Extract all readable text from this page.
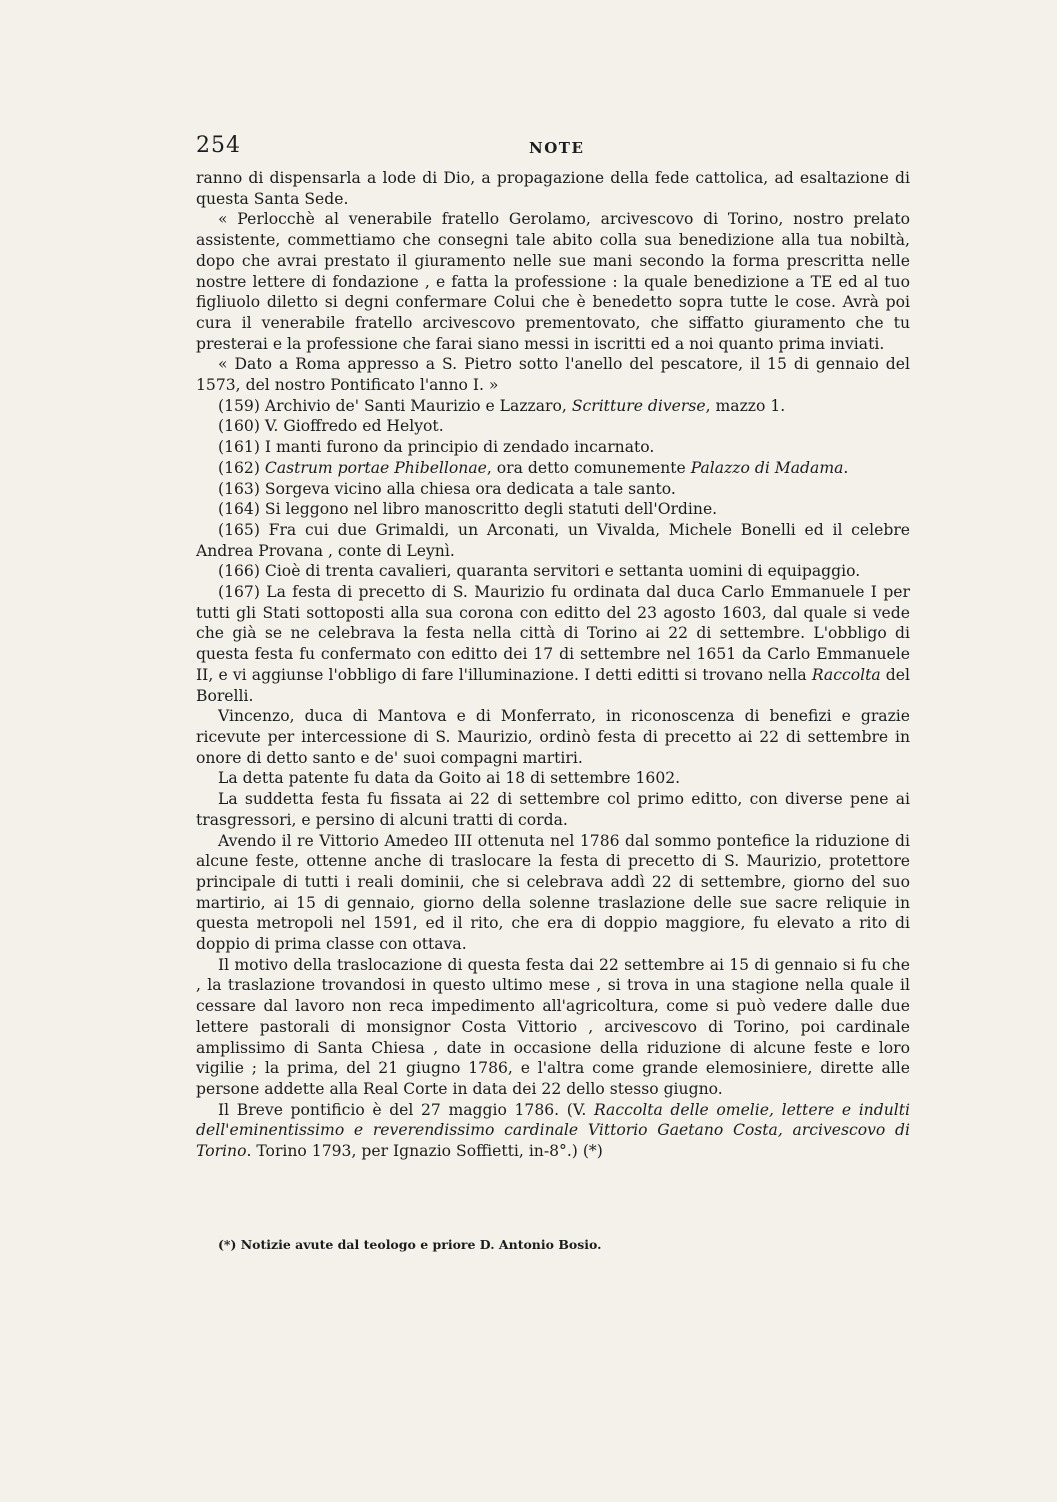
254	NOTE

ranno di dispensarla a lode di Dio, a propagazione della fede cattolica, ad esaltazione di questa Santa Sede.

« Perlocchè al venerabile fratello Gerolamo, arcivescovo di Torino, nostro prelato assistente, commettiamo che consegni tale abito colla sua benedizione alla tua nobiltà, dopo che avrai prestato il giuramento nelle sue mani secondo la forma prescritta nelle nostre lettere di fondazione , e fatta la professione : la quale benedizione a TE ed al tuo figliuolo diletto si degni confermare Colui che è benedetto sopra tutte le cose. Avrà poi cura il venerabile fratello arcivescovo prementovato, che siffatto giuramento che tu presterai e la professione che farai siano messi in iscritti ed a noi quanto prima inviati.

« Dato a Roma appresso a S. Pietro sotto l'anello del pescatore, il 15 di gennaio del 1573, del nostro Pontificato l'anno I. »

(159) Archivio de' Santi Maurizio e Lazzaro, Scritture diverse, mazzo 1.

(160) V. Gioffredo ed Helyot.

(161) I manti furono da principio di zendado incarnato.

(162) Castrum portae Phibellonae, ora detto comunemente Palazzo di Madama.

(163) Sorgeva vicino alla chiesa ora dedicata a tale santo.

(164) Si leggono nel libro manoscritto degli statuti dell'Ordine.

(165) Fra cui due Grimaldi, un Arconati, un Vivalda, Michele Bonelli ed il celebre Andrea Provana , conte di Leynì.

(166) Cioè di trenta cavalieri, quaranta servitori e settanta uomini di equipaggio.

(167) La festa di precetto di S. Maurizio fu ordinata dal duca Carlo Emmanuele I per tutti gli Stati sottoposti alla sua corona con editto del 23 agosto 1603, dal quale si vede che già se ne celebrava la festa nella città di Torino ai 22 di settembre. L'obbligo di questa festa fu confermato con editto dei 17 di settembre nel 1651 da Carlo Emmanuele II, e vi aggiunse l'obbligo di fare l'illuminazione. I detti editti si trovano nella Raccolta del Borelli.

Vincenzo, duca di Mantova e di Monferrato, in riconoscenza di benefizi e grazie ricevute per intercessione di S. Maurizio, ordinò festa di precetto ai 22 di settembre in onore di detto santo e de' suoi compagni martiri.

La detta patente fu data da Goito ai 18 di settembre 1602.

La suddetta festa fu fissata ai 22 di settembre col primo editto, con diverse pene ai trasgressori, e persino di alcuni tratti di corda.

Avendo il re Vittorio Amedeo III ottenuta nel 1786 dal sommo pontefice la riduzione di alcune feste, ottenne anche di traslocare la festa di precetto di S. Maurizio, protettore principale di tutti i reali dominii, che si celebrava addì 22 di settembre, giorno del suo martirio, ai 15 di gennaio, giorno della solenne traslazione delle sue sacre reliquie in questa metropoli nel 1591, ed il rito, che era di doppio maggiore, fu elevato a rito di doppio di prima classe con ottava.

Il motivo della traslocazione di questa festa dai 22 settembre ai 15 di gennaio si fu che , la traslazione trovandosi in questo ultimo mese , si trova in una stagione nella quale il cessare dal lavoro non reca impedimento all'agricoltura, come si può vedere dalle due lettere pastorali di monsignor Costa Vittorio , arcivescovo di Torino, poi cardinale amplissimo di Santa Chiesa , date in occasione della riduzione di alcune feste e loro vigilie ; la prima, del 21 giugno 1786, e l'altra come grande elemosiniere, dirette alle persone addette alla Real Corte in data dei 22 dello stesso giugno.

Il Breve pontificio è del 27 maggio 1786. (V. Raccolta delle omelie, lettere e indulti dell'eminentissimo e reverendissimo cardinale Vittorio Gaetano Costa, arcivescovo di Torino. Torino 1793, per Ignazio Soffietti, in-8°.) (*)

(*) Notizie avute dal teologo e priore D. Antonio Bosio.
